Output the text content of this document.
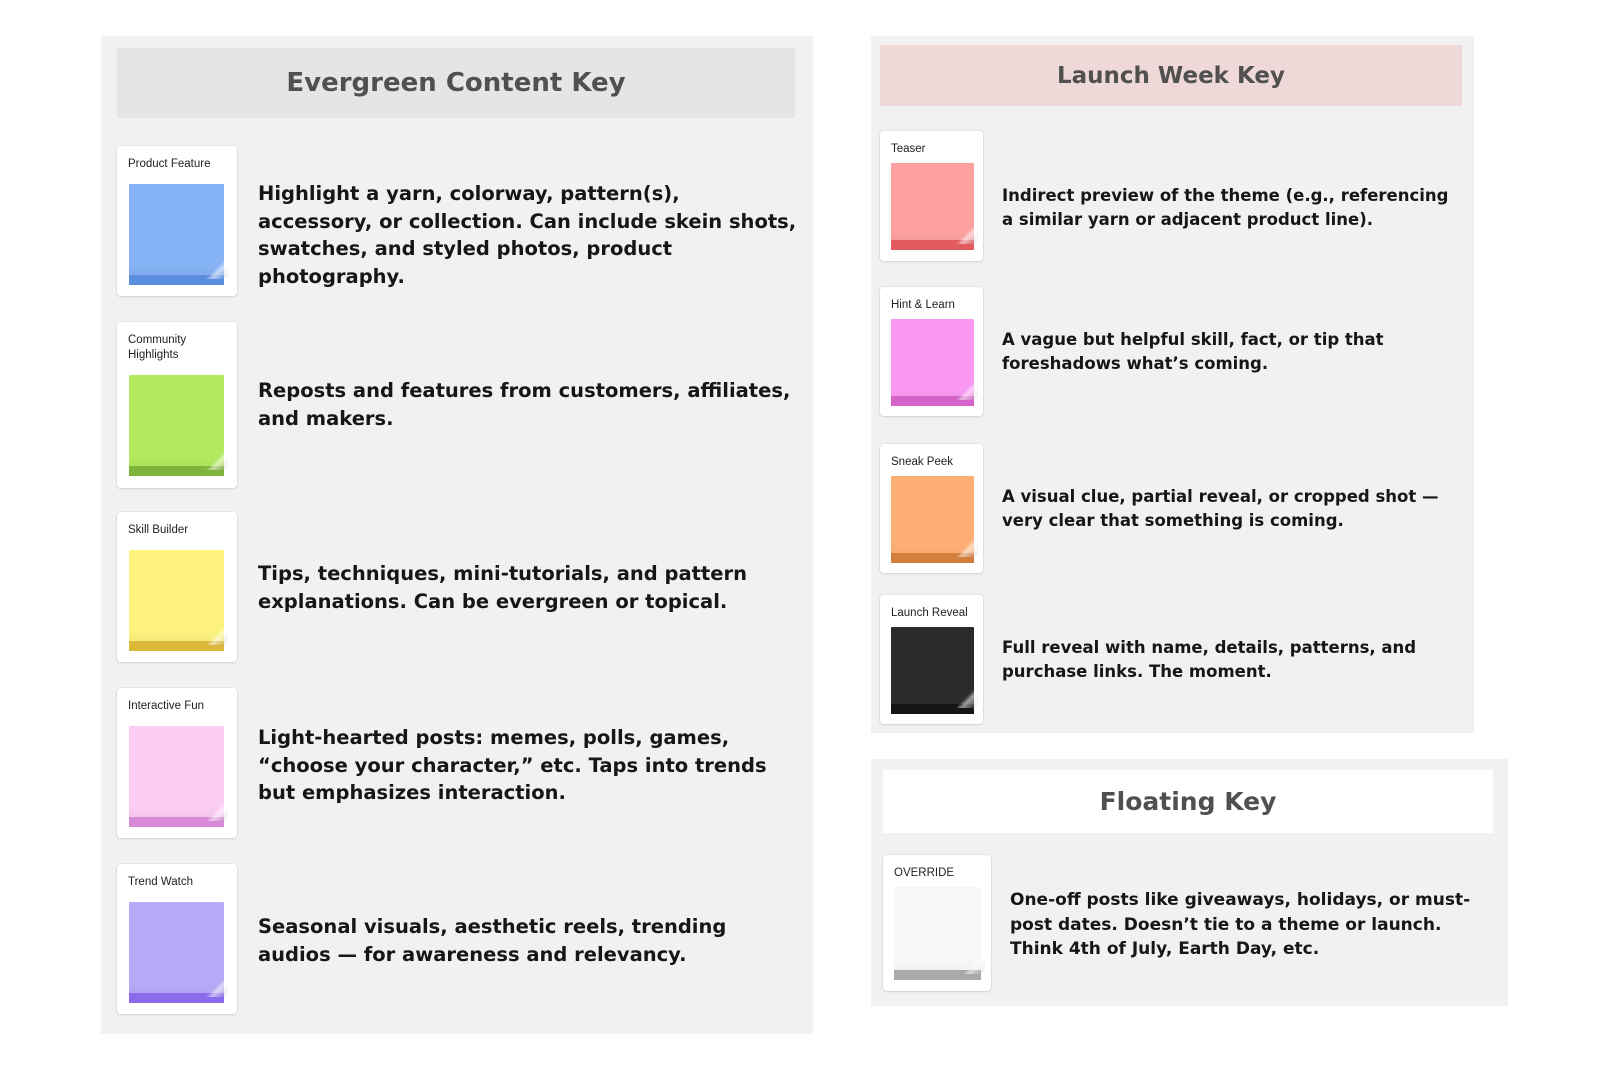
Evergreen Content Key	Launch Week Key
Floating Key
Product Feature
Highlight a yarn, colorway, pattern(s), accessory, or collection. Can include skein shots, swatches, and styled photos, product photography.
Community Highlights
Reposts and features from customers, affiliates, and makers.
Skill Builder
Tips, techniques, mini-tutorials, and pattern explanations. Can be evergreen or topical.
Interactive Fun
Light-hearted posts: memes, polls, games, “choose your character,” etc. Taps into trends but emphasizes interaction.
Trend Watch
Seasonal visuals, aesthetic reels, trending audios — for awareness and relevancy.
Teaser
Indirect preview of the theme (e.g., referencing a similar yarn or adjacent product line).
Hint & Learn
A vague but helpful skill, fact, or tip that foreshadows what’s coming.
Sneak Peek
A visual clue, partial reveal, or cropped shot — very clear that something is coming.
Launch Reveal
Full reveal with name, details, patterns, and purchase links. The moment.
OVERRIDE
One-off posts like giveaways, holidays, or must-post dates. Doesn’t tie to a theme or launch. Think 4th of July, Earth Day, etc.
